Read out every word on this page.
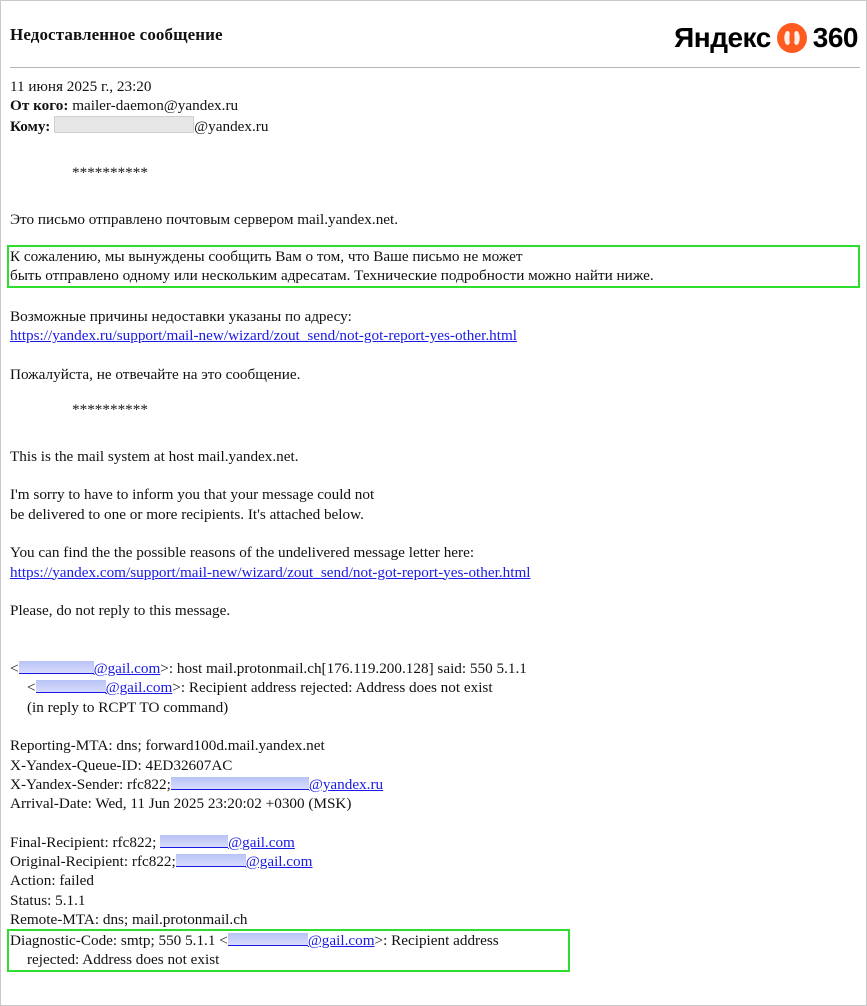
Недоставленное сообщение	Яндекс 360
11 июня 2025 г., 23:20
От кого: mailer-daemon@yandex.ru
Кому:	@yandex.ru
**********
Это письмо отправлено почтовым сервером mail.yandex.net.
К сожалению, мы вынуждены сообщить Вам о том, что Ваше письмо не может
быть отправлено одному или нескольким адресатам. Технические подробности можно найти ниже.
Возможные причины недоставки указаны по адресу:
https://yandex.ru/support/mail-new/wizard/zout_send/not-got-report-yes-other.html
Пожалуйста, не отвечайте на это сообщение.
**********
This is the mail system at host mail.yandex.net.
I'm sorry to have to inform you that your message could not
be delivered to one or more recipients. It's attached below.
You can find the the possible reasons of the undelivered message letter here:
https://yandex.com/support/mail-new/wizard/zout_send/not-got-report-yes-other.html
Please, do not reply to this message.
<	@gail.com>: host mail.protonmail.ch[176.119.200.128] said: 550 5.1.1
<	@gail.com>: Recipient address rejected: Address does not exist
(in reply to RCPT TO command)
Reporting-MTA: dns; forward100d.mail.yandex.net
X-Yandex-Queue-ID: 4ED32607AC
X-Yandex-Sender: rfc822;	@yandex.ru
Arrival-Date: Wed, 11 Jun 2025 23:20:02 +0300 (MSK)
Final-Recipient: rfc822;	@gail.com
Original-Recipient: rfc822;	@gail.com
Action: failed
Status: 5.1.1
Remote-MTA: dns; mail.protonmail.ch
Diagnostic-Code: smtp; 550 5.1.1 <	@gail.com>: Recipient address
rejected: Address does not exist
